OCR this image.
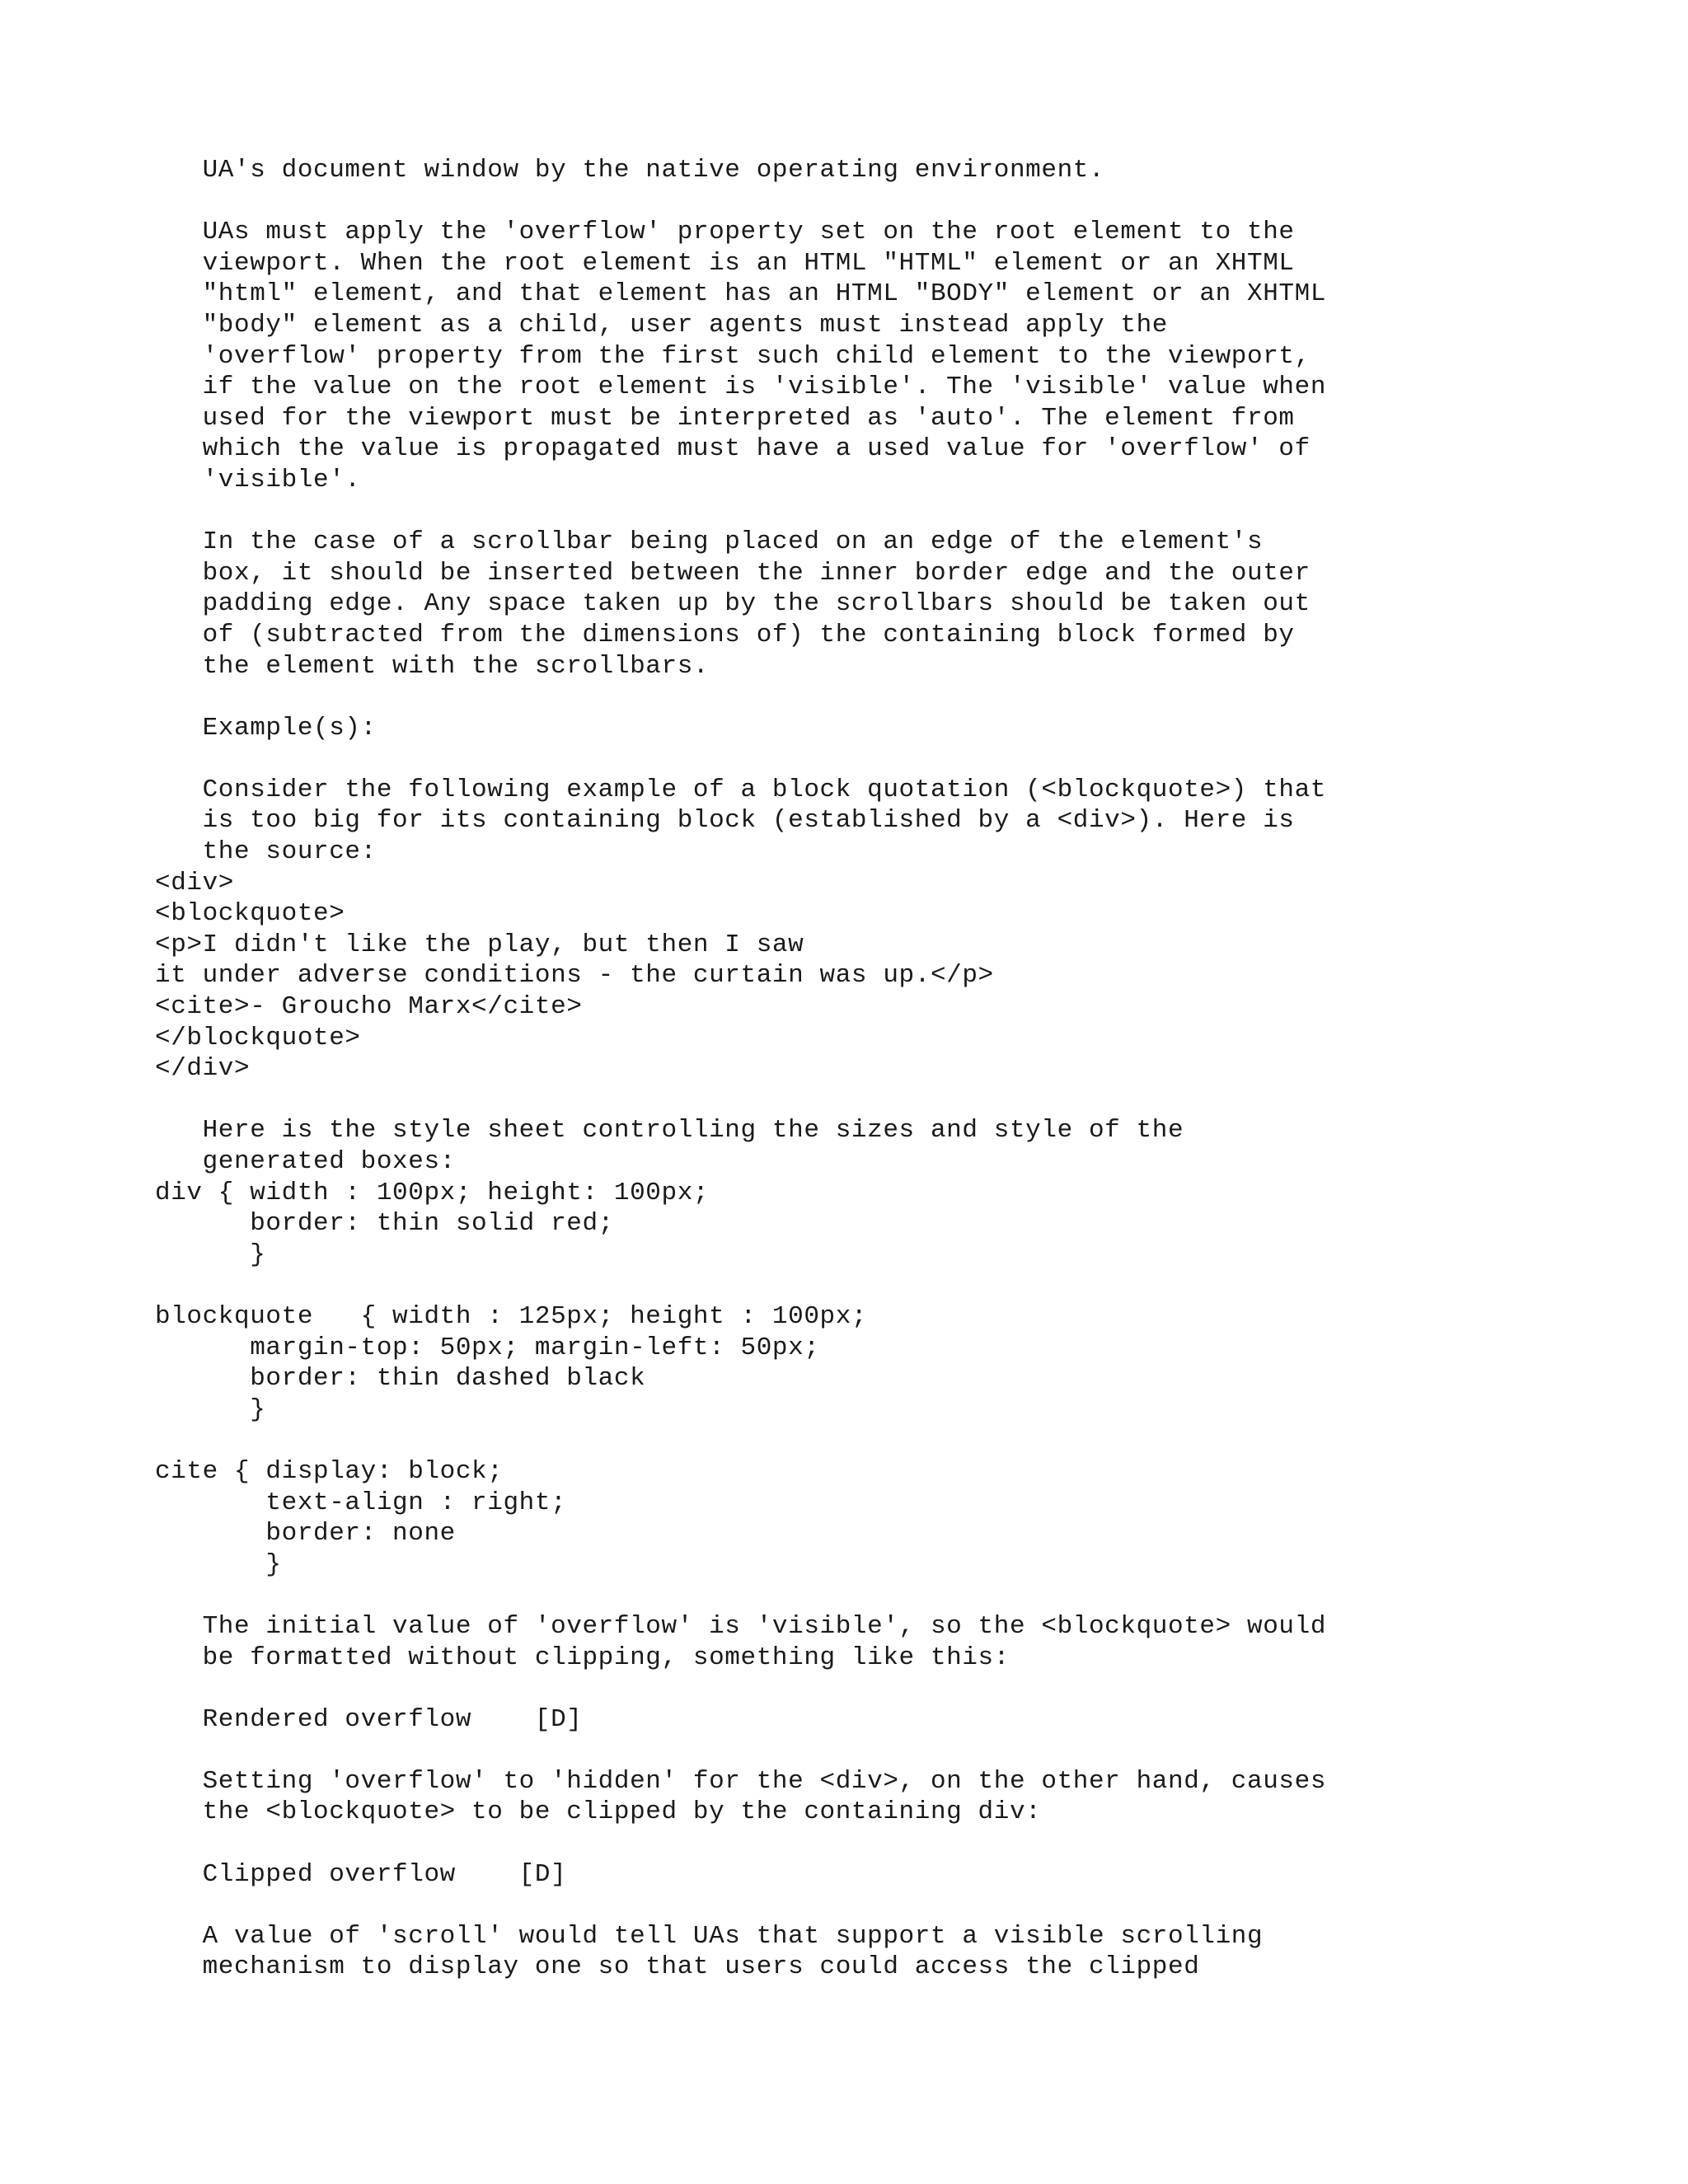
UA's document window by the native operating environment.
UAs must apply the 'overflow' property set on the root element to the
viewport. When the root element is an HTML "HTML" element or an XHTML
"html" element, and that element has an HTML "BODY" element or an XHTML
"body" element as a child, user agents must instead apply the
'overflow' property from the first such child element to the viewport,
if the value on the root element is 'visible'. The 'visible' value when
used for the viewport must be interpreted as 'auto'. The element from
which the value is propagated must have a used value for 'overflow' of
'visible'.
In the case of a scrollbar being placed on an edge of the element's
box, it should be inserted between the inner border edge and the outer
padding edge. Any space taken up by the scrollbars should be taken out
of (subtracted from the dimensions of) the containing block formed by
the element with the scrollbars.
Example(s):
Consider the following example of a block quotation (<blockquote>) that
is too big for its containing block (established by a <div>). Here is
the source:
<div>
<blockquote>
<p>I didn't like the play, but then I saw
it under adverse conditions - the curtain was up.</p>
<cite>- Groucho Marx</cite>
</blockquote>
</div>
Here is the style sheet controlling the sizes and style of the
generated boxes:
div { width : 100px; height: 100px;
border: thin solid red;
}
blockquote   { width : 125px; height : 100px;
margin-top: 50px; margin-left: 50px;
border: thin dashed black
}
cite { display: block;
text-align : right;
border: none
}
The initial value of 'overflow' is 'visible', so the <blockquote> would
be formatted without clipping, something like this:
Rendered overflow    [D]
Setting 'overflow' to 'hidden' for the <div>, on the other hand, causes
the <blockquote> to be clipped by the containing div:
Clipped overflow    [D]
A value of 'scroll' would tell UAs that support a visible scrolling
mechanism to display one so that users could access the clipped
